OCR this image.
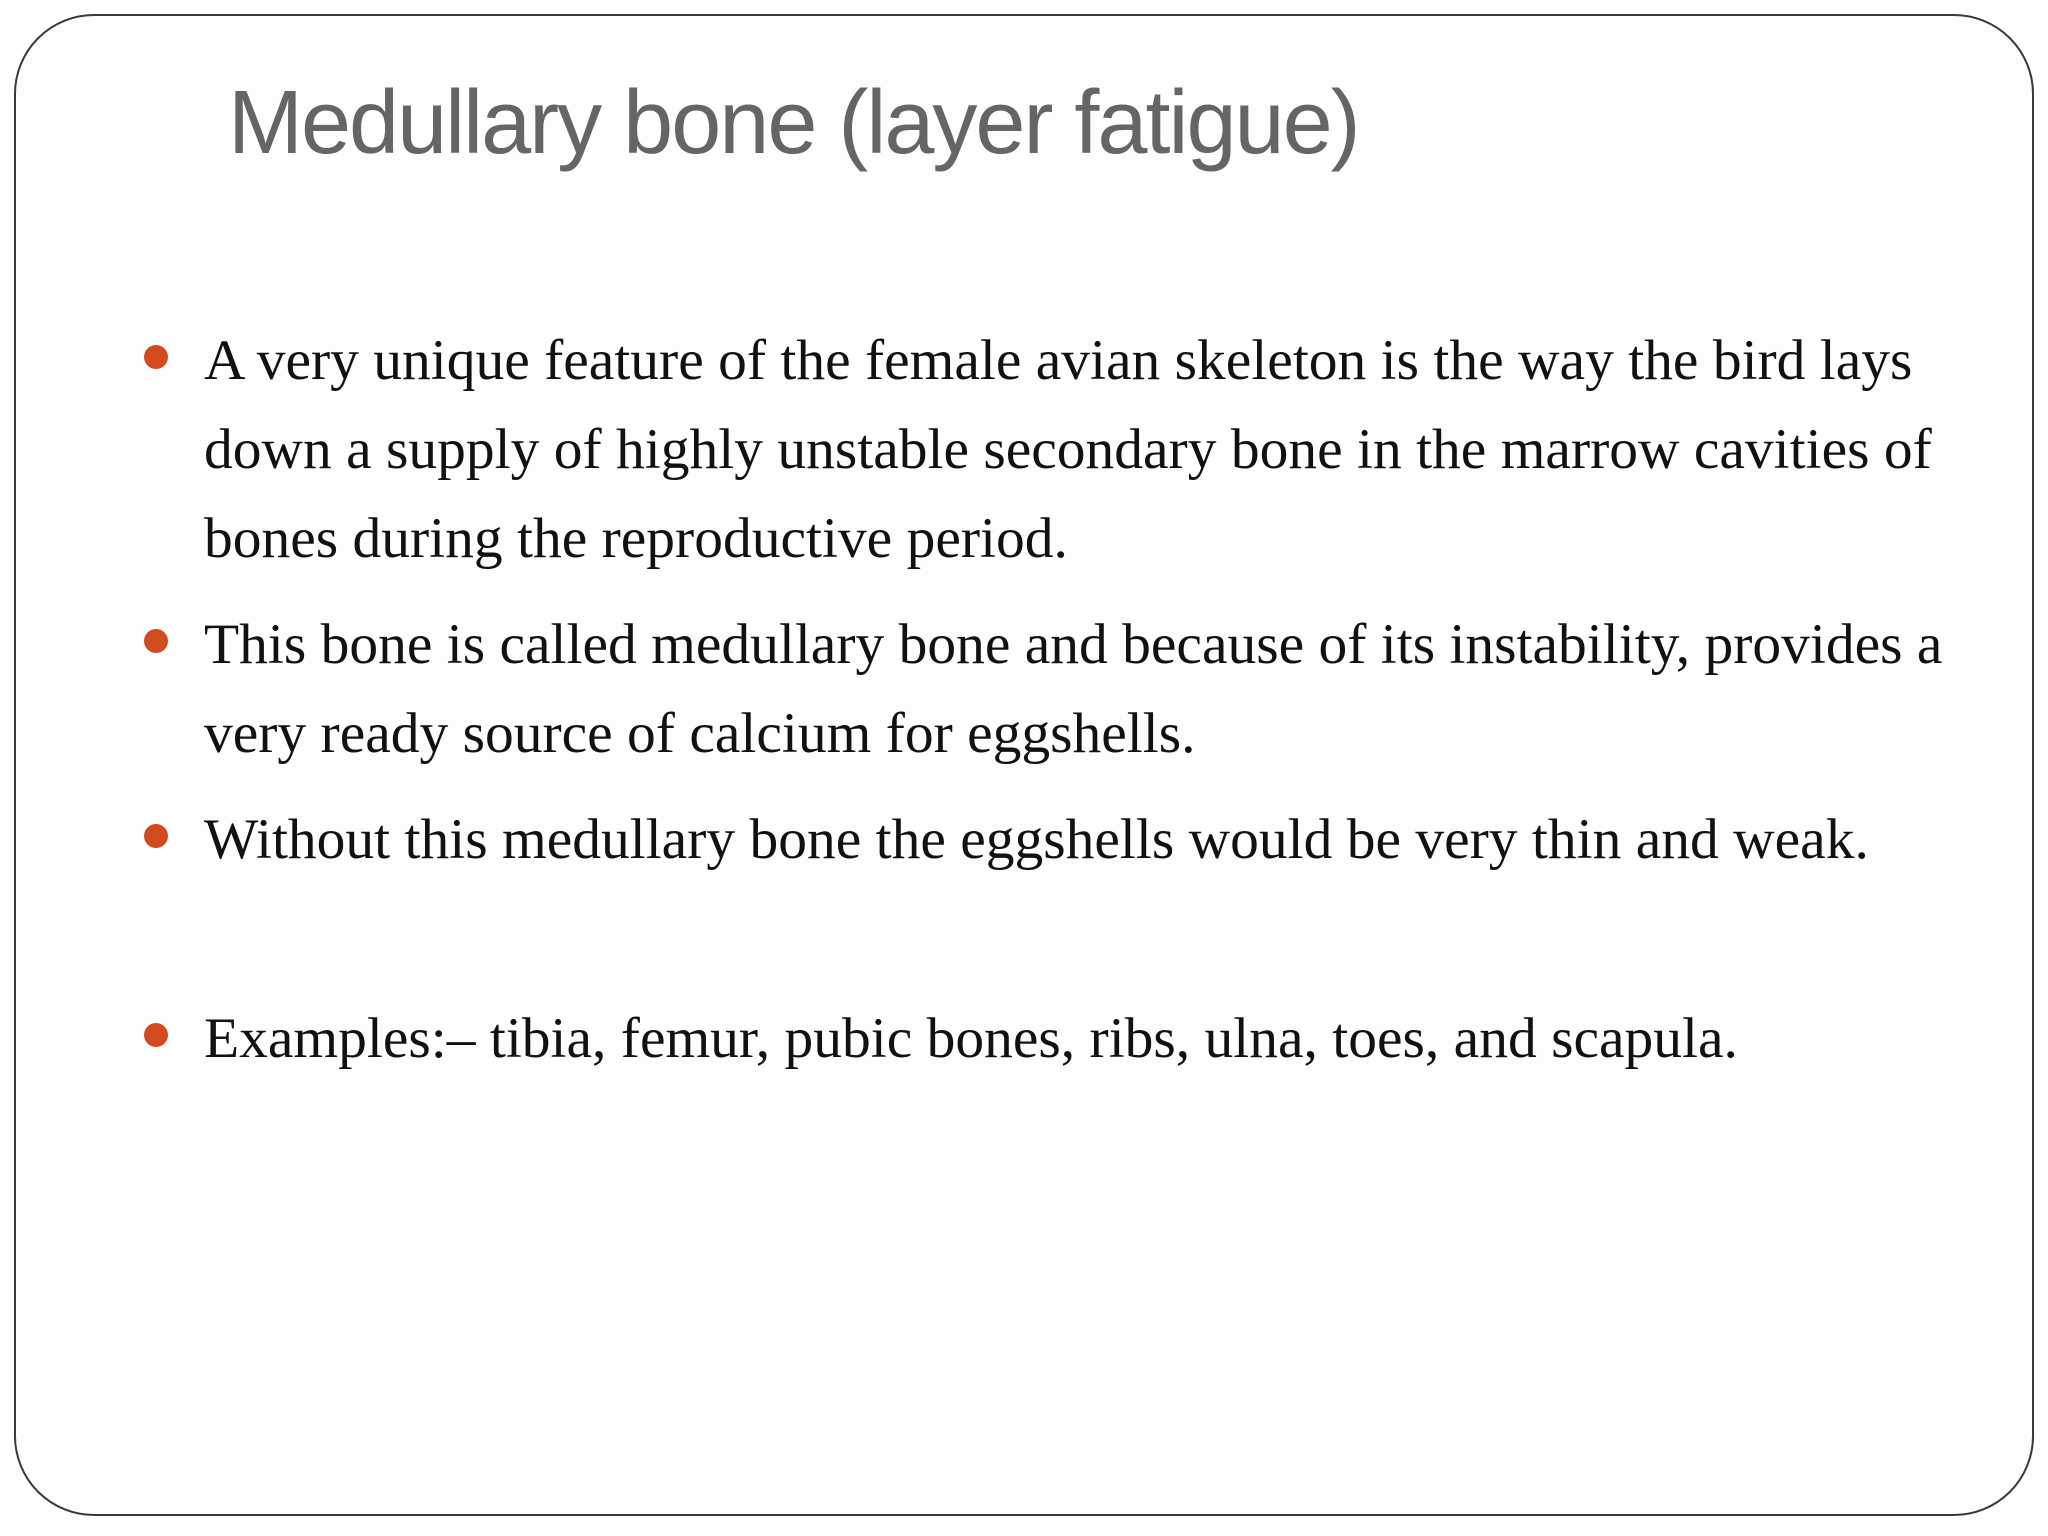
Medullary bone (layer fatigue)
A very unique feature of the female avian skeleton is the way the bird lays down a supply of highly unstable secondary bone in the marrow cavities of bones during the reproductive period.
This bone is called medullary bone and because of its instability, provides a very ready source of calcium for eggshells.
Without this medullary bone the eggshells would be very thin and weak.
Examples:– tibia, femur, pubic bones, ribs, ulna, toes, and scapula.
